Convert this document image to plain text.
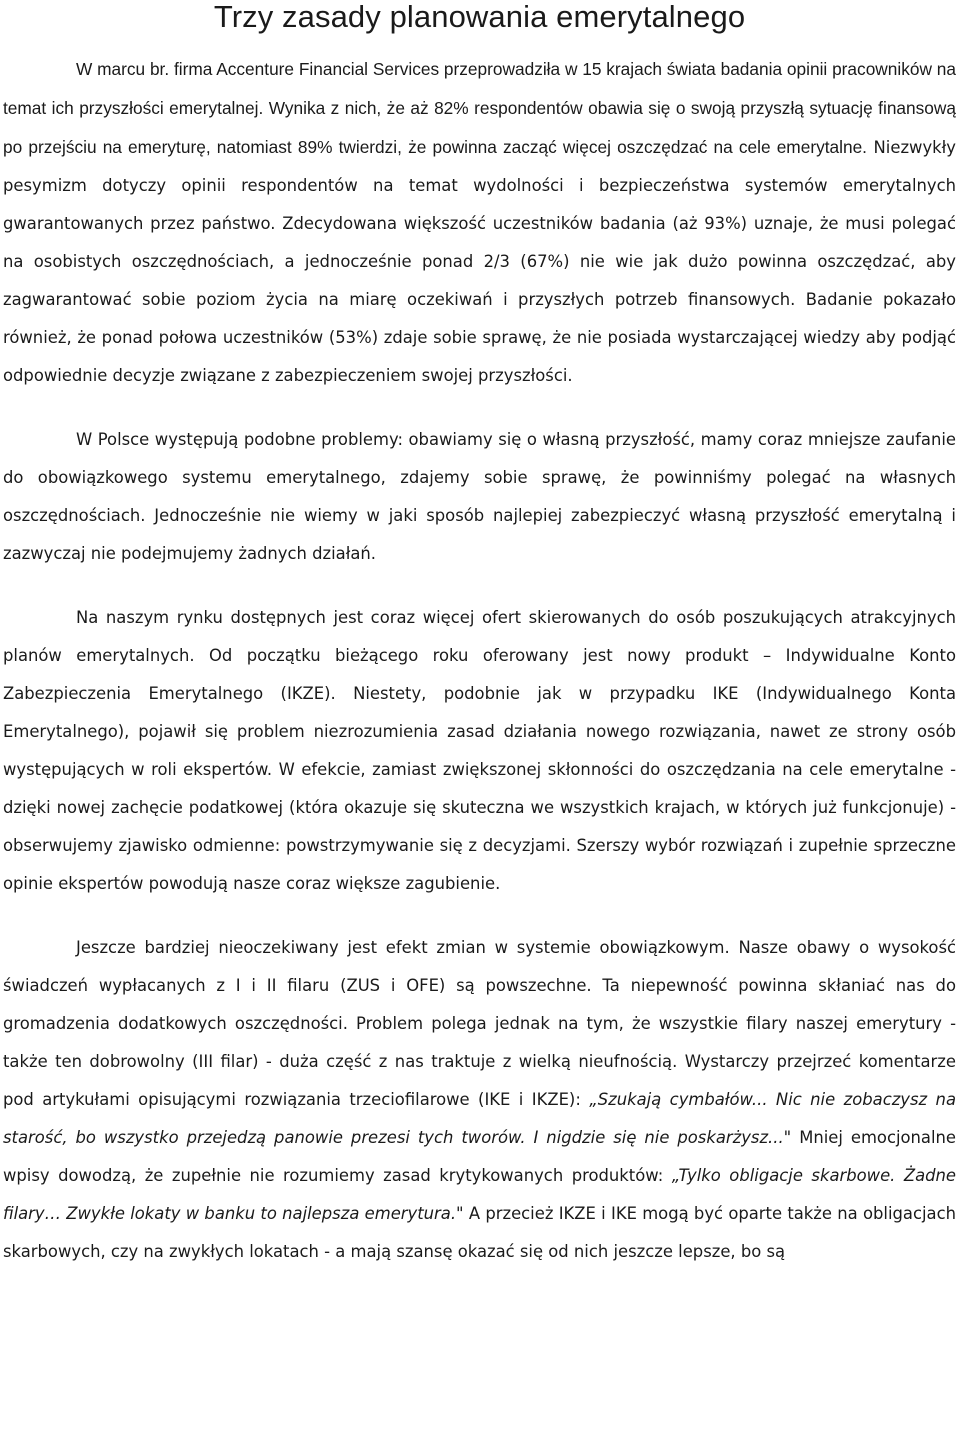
Trzy zasady planowania emerytalnego

W marcu br. firma Accenture Financial Services przeprowadziła w 15 krajach świata badania opinii pracowników na temat ich przyszłości emerytalnej. Wynika z nich, że aż 82% respondentów obawia się o swoją przyszłą sytuację finansową po przejściu na emeryturę, natomiast 89% twierdzi, że powinna zacząć więcej oszczędzać na cele emerytalne. Niezwykły pesymizm dotyczy opinii respondentów na temat wydolności i bezpieczeństwa systemów emerytalnych gwarantowanych przez państwo. Zdecydowana większość uczestników badania (aż 93%) uznaje, że musi polegać na osobistych oszczędnościach, a jednocześnie ponad 2/3 (67%) nie wie jak dużo powinna oszczędzać, aby zagwarantować sobie poziom życia na miarę oczekiwań i przyszłych potrzeb finansowych. Badanie pokazało również, że ponad połowa uczestników (53%) zdaje sobie sprawę, że nie posiada wystarczającej wiedzy aby podjąć odpowiednie decyzje związane z zabezpieczeniem swojej przyszłości.

W Polsce występują podobne problemy: obawiamy się o własną przyszłość, mamy coraz mniejsze zaufanie do obowiązkowego systemu emerytalnego, zdajemy sobie sprawę, że powinniśmy polegać na własnych oszczędnościach. Jednocześnie nie wiemy w jaki sposób najlepiej zabezpieczyć własną przyszłość emerytalną i zazwyczaj nie podejmujemy żadnych działań.

Na naszym rynku dostępnych jest coraz więcej ofert skierowanych do osób poszukujących atrakcyjnych planów emerytalnych. Od początku bieżącego roku oferowany jest nowy produkt – Indywidualne Konto Zabezpieczenia Emerytalnego (IKZE). Niestety, podobnie jak w przypadku IKE (Indywidualnego Konta Emerytalnego), pojawił się problem niezrozumienia zasad działania nowego rozwiązania, nawet ze strony osób występujących w roli ekspertów. W efekcie, zamiast zwiększonej skłonności do oszczędzania na cele emerytalne - dzięki nowej zachęcie podatkowej (która okazuje się skuteczna we wszystkich krajach, w których już funkcjonuje) - obserwujemy zjawisko odmienne: powstrzymywanie się z decyzjami. Szerszy wybór rozwiązań i zupełnie sprzeczne opinie ekspertów powodują nasze coraz większe zagubienie.

Jeszcze bardziej nieoczekiwany jest efekt zmian w systemie obowiązkowym. Nasze obawy o wysokość świadczeń wypłacanych z I i II filaru (ZUS i OFE) są powszechne. Ta niepewność powinna skłaniać nas do gromadzenia dodatkowych oszczędności. Problem polega jednak na tym, że wszystkie filary naszej emerytury - także ten dobrowolny (III filar) - duża część z nas traktuje z wielką nieufnością. Wystarczy przejrzeć komentarze pod artykułami opisującymi rozwiązania trzeciofilarowe (IKE i IKZE): „Szukają cymbałów... Nic nie zobaczysz na starość, bo wszystko przejedzą panowie prezesi tych tworów. I nigdzie się nie poskarżysz..." Mniej emocjonalne wpisy dowodzą, że zupełnie nie rozumiemy zasad krytykowanych produktów: „Tylko obligacje skarbowe. Żadne filary… Zwykłe lokaty w banku to najlepsza emerytura." A przecież IKZE i IKE mogą być oparte także na obligacjach skarbowych, czy na zwykłych lokatach - a mają szansę okazać się od nich jeszcze lepsze, bo są
